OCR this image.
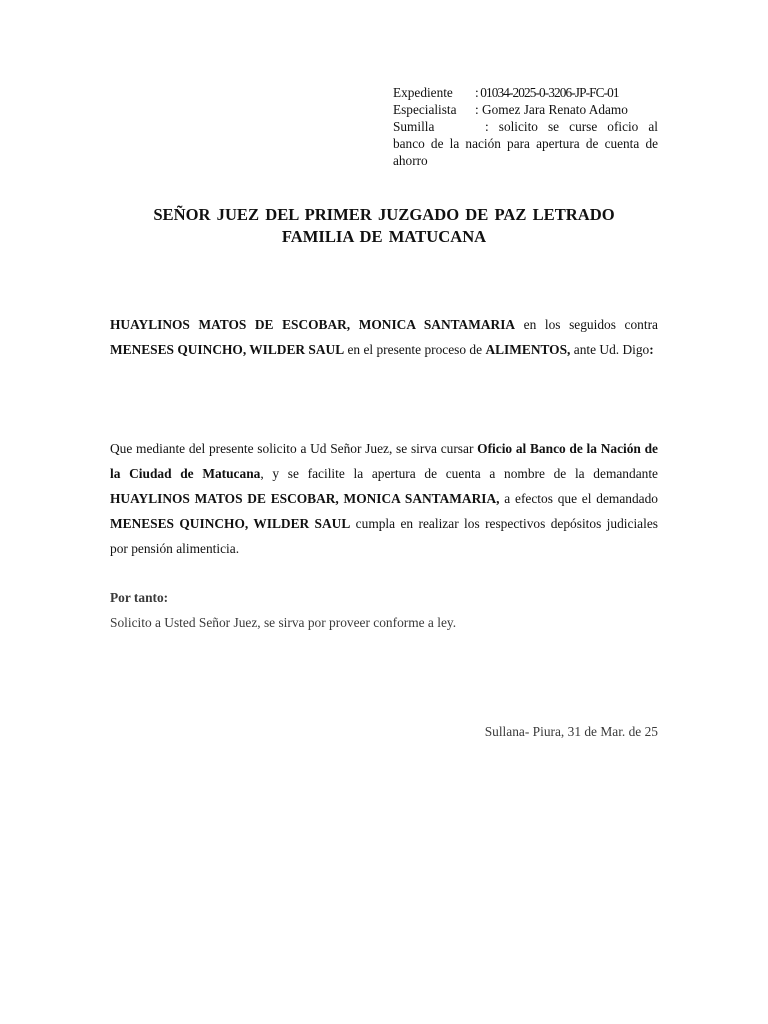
Expediente : 01034-2025-0-3206-JP-FC-01
Especialista : Gomez Jara Renato Adamo
Sumilla	: solicito se curse oficio al banco de la nación para apertura de cuenta de ahorro
SEÑOR JUEZ DEL PRIMER JUZGADO DE PAZ LETRADO
FAMILIA DE MATUCANA
HUAYLINOS MATOS DE ESCOBAR, MONICA SANTAMARIA en los seguidos contra MENESES QUINCHO, WILDER SAUL en el presente proceso de ALIMENTOS, ante Ud. Digo:
Que mediante del presente solicito a Ud Señor Juez, se sirva cursar Oficio al Banco de la Nación de la Ciudad de Matucana, y se facilite la apertura de cuenta a nombre de la demandante HUAYLINOS MATOS DE ESCOBAR, MONICA SANTAMARIA, a efectos que el demandado MENESES QUINCHO, WILDER SAUL cumpla en realizar los respectivos depósitos judiciales por pensión alimenticia.
Por tanto:
Solicito a Usted Señor Juez, se sirva por proveer conforme a ley.
Sullana- Piura, 31 de Mar. de 25
